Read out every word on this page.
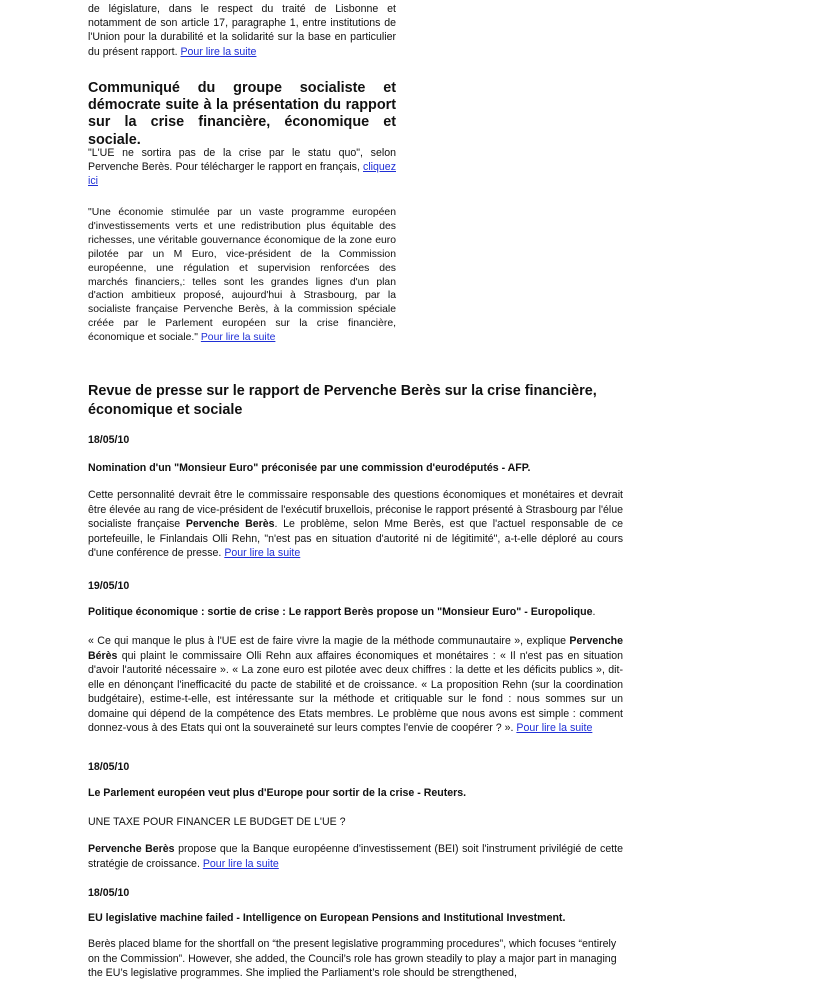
de législature, dans le respect du traité de Lisbonne et notamment de son article 17, paragraphe 1, entre institutions de l'Union pour la durabilité et la solidarité sur la base en particulier du présent rapport. Pour lire la suite

Communiqué du groupe socialiste et démocrate suite à la présentation du rapport sur la crise financière, économique et sociale.

"L'UE ne sortira pas de la crise par le statu quo", selon Pervenche Berès. Pour télécharger le rapport en français, cliquez ici

"Une économie stimulée par un vaste programme européen d'investissements verts et une redistribution plus équitable des richesses, une véritable gouvernance économique de la zone euro pilotée par un M Euro, vice-président de la Commission européenne, une régulation et supervision renforcées des marchés financiers,: telles sont les grandes lignes d'un plan d'action ambitieux proposé, aujourd'hui à Strasbourg, par la socialiste française Pervenche Berès, à la commission spéciale créée par le Parlement européen sur la crise financière, économique et sociale." Pour lire la suite

Revue de presse sur le rapport de Pervenche Berès sur la crise financière, économique et sociale

18/05/10

Nomination d'un "Monsieur Euro" préconisée par une commission d'eurodéputés - AFP.

Cette personnalité devrait être le commissaire responsable des questions économiques et monétaires et devrait être élevée au rang de vice-président de l'exécutif bruxellois, préconise le rapport présenté à Strasbourg par l'élue socialiste française Pervenche Berès. Le problème, selon Mme Berès, est que l'actuel responsable de ce portefeuille, le Finlandais Olli Rehn, "n'est pas en situation d'autorité ni de légitimité", a-t-elle déploré au cours d'une conférence de presse. Pour lire la suite

19/05/10

Politique économique : sortie de crise : Le rapport Berès propose un "Monsieur Euro" - Europolique.

« Ce qui manque le plus à l'UE est de faire vivre la magie de la méthode communautaire », explique Pervenche Bérès qui plaint le commissaire Olli Rehn aux affaires économiques et monétaires : « Il n'est pas en situation d'avoir l'autorité nécessaire ». « La zone euro est pilotée avec deux chiffres : la dette et les déficits publics », dit-elle en dénonçant l'inefficacité du pacte de stabilité et de croissance. « La proposition Rehn (sur la coordination budgétaire), estime-t-elle, est intéressante sur la méthode et critiquable sur le fond : nous sommes sur un domaine qui dépend de la compétence des Etats membres. Le problème que nous avons est simple : comment donnez-vous à des Etats qui ont la souveraineté sur leurs comptes l'envie de coopérer ? ». Pour lire la suite

18/05/10

Le Parlement européen veut plus d'Europe pour sortir de la crise - Reuters.

UNE TAXE POUR FINANCER LE BUDGET DE L'UE ?

Pervenche Berès propose que la Banque européenne d'investissement (BEI) soit l'instrument privilégié de cette stratégie de croissance. Pour lire la suite

18/05/10

EU legislative machine failed - Intelligence on European Pensions and Institutional Investment.

Berès placed blame for the shortfall on “the present legislative programming procedures”, which focuses “entirely on the Commission”. However, she added, the Council’s role has grown steadily to play a major part in managing the EU’s legislative programmes. She implied the Parliament’s role should be strengthened,
